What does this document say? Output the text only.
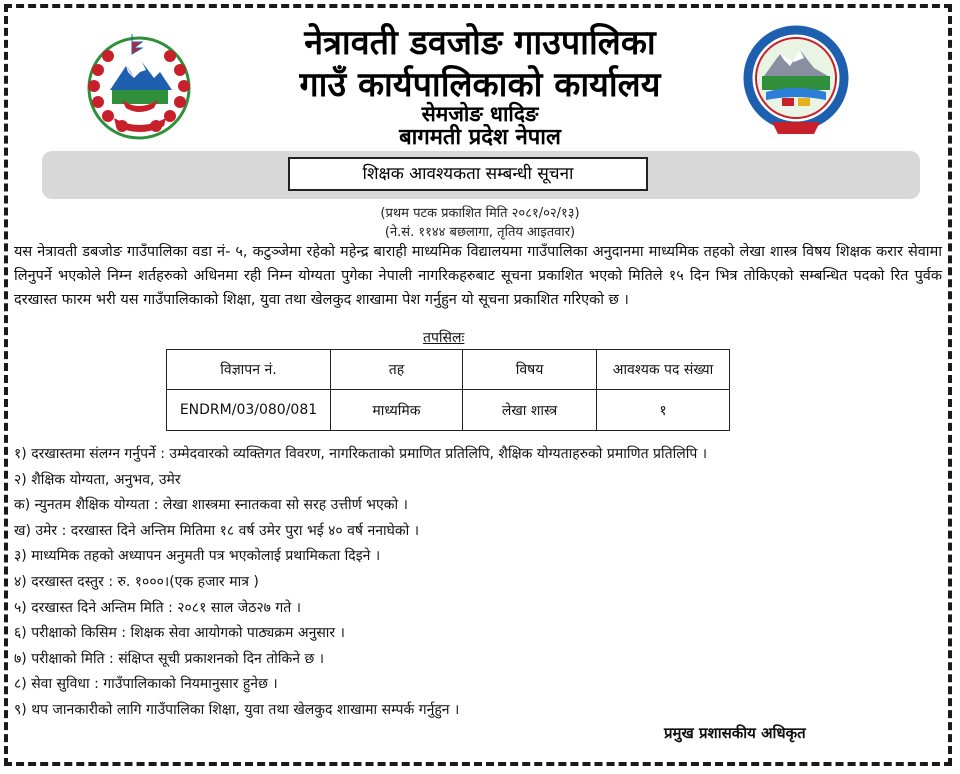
नेत्रावती डवजोङ गाउपालिका
गाउँ कार्यपालिकाको कार्यालय
सेमजोङ धादिङ
बागमती प्रदेश नेपाल
शिक्षक आवश्यकता सम्बन्धी सूचना
(प्रथम पटक प्रकाशित मिति २०८१/०२/१३)
(ने.सं. ११४४ बछलागा, तृतिय आइतवार)
यस नेत्रावती डबजोङ गाउँपालिका वडा नं- ५, कटुञ्जेमा रहेको महेन्द्र बाराही माध्यमिक विद्यालयमा गाउँपालिका अनुदानमा माध्यमिक तहको लेखा शास्त्र विषय शिक्षक करार सेवामा लिनुपर्ने भएकोले निम्न शर्तहरुको अधिनमा रही निम्न योग्यता पुगेका नेपाली नागरिकहरुबाट सूचना प्रकाशित भएको मितिले १५ दिन भित्र तोकिएको सम्बन्धित पदको रित पुर्वक दरखास्त फारम भरी यस गाउँपालिकाको शिक्षा, युवा तथा खेलकुद शाखामा पेश गर्नुहुन यो सूचना प्रकाशित गरिएको छ ।
तपसिलः
विज्ञापन नं.	तह	विषय	आवश्यक पद संख्या
ENDRM/03/080/081	माध्यमिक	लेखा शास्त्र	१
१) दरखास्तमा संलग्न गर्नुपर्ने : उम्मेदवारको व्यक्तिगत विवरण, नागरिकताको प्रमाणित प्रतिलिपि, शैक्षिक योग्यताहरुको प्रमाणित प्रतिलिपि ।
२) शैक्षिक योग्यता, अनुभव, उमेर
क) न्युनतम शैक्षिक योग्यता : लेखा शास्त्रमा स्नातकवा सो सरह उत्तीर्ण भएको ।
ख) उमेर : दरखास्त दिने अन्तिम मितिमा १८ वर्ष उमेर पुरा भई ४० वर्ष ननाघेको ।
३) माध्यमिक तहको अध्यापन अनुमती पत्र भएकोलाई प्रथामिकता दिइने ।
४) दरखास्त दस्तुर : रु. १०००।(एक हजार मात्र )
५) दरखास्त दिने अन्तिम मिति : २०८१ साल जेठ२७ गते ।
६) परीक्षाको किसिम : शिक्षक सेवा आयोगको पाठ्यक्रम अनुसार ।
७) परीक्षाको मिति : संक्षिप्त सूची प्रकाशनको दिन तोकिने छ ।
८) सेवा सुविधा : गाउँपालिकाको नियमानुसार हुनेछ ।
९) थप जानकारीको लागि गाउँपालिका शिक्षा, युवा तथा खेलकुद शाखामा सम्पर्क गर्नुहुन ।
प्रमुख प्रशासकीय अधिकृत
